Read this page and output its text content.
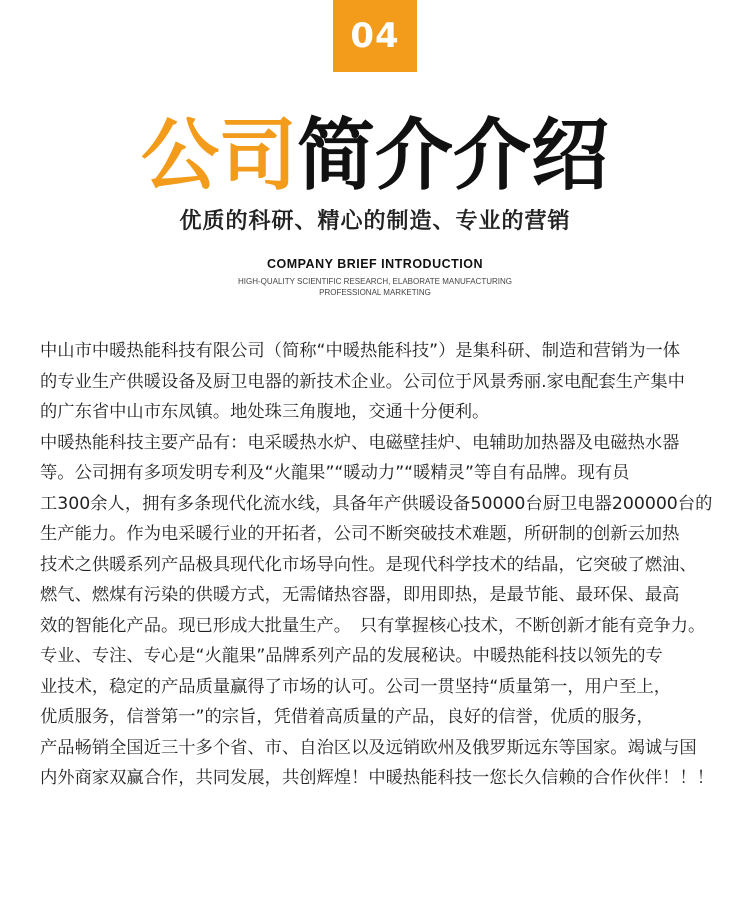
04
公司简介介绍
优质的科研、精心的制造、专业的营销
COMPANY BRIEF INTRODUCTION
HIGH-QUALITY SCIENTIFIC RESEARCH, ELABORATE MANUFACTURING
PROFESSIONAL MARKETING
中山市中暖热能科技有限公司（简称“中暖热能科技”）是集科研、制造和营销为一体
的专业生产供暖设备及厨卫电器的新技术企业。公司位于风景秀丽.家电配套生产集中
的广东省中山市东凤镇。地处珠三角腹地，交通十分便利。
中暖热能科技主要产品有：电采暖热水炉、电磁壁挂炉、电辅助加热器及电磁热水器
等。公司拥有多项发明专利及“火龍果”“暖动力”“暖精灵”等自有品牌。现有员
工300余人，拥有多条现代化流水线，具备年产供暖设备50000台厨卫电器200000台的
生产能力。作为电采暖行业的开拓者，公司不断突破技术难题，所研制的创新云加热
技术之供暖系列产品极具现代化市场导向性。是现代科学技术的结晶，它突破了燃油、
燃气、燃煤有污染的供暖方式，无需储热容器，即用即热，是最节能、最环保、最高
效的智能化产品。现已形成大批量生产。　只有掌握核心技术，不断创新才能有竞争力。
专业、专注、专心是“火龍果”品牌系列产品的发展秘诀。中暖热能科技以领先的专
业技术，稳定的产品质量赢得了市场的认可。公司一贯坚持“质量第一，用户至上，
优质服务，信誉第一”的宗旨，凭借着高质量的产品，良好的信誉，优质的服务，
产品畅销全国近三十多个省、市、自治区以及远销欧州及俄罗斯远东等国家。竭诚与国
内外商家双赢合作，共同发展，共创辉煌！中暖热能科技一您长久信赖的合作伙伴！！！
